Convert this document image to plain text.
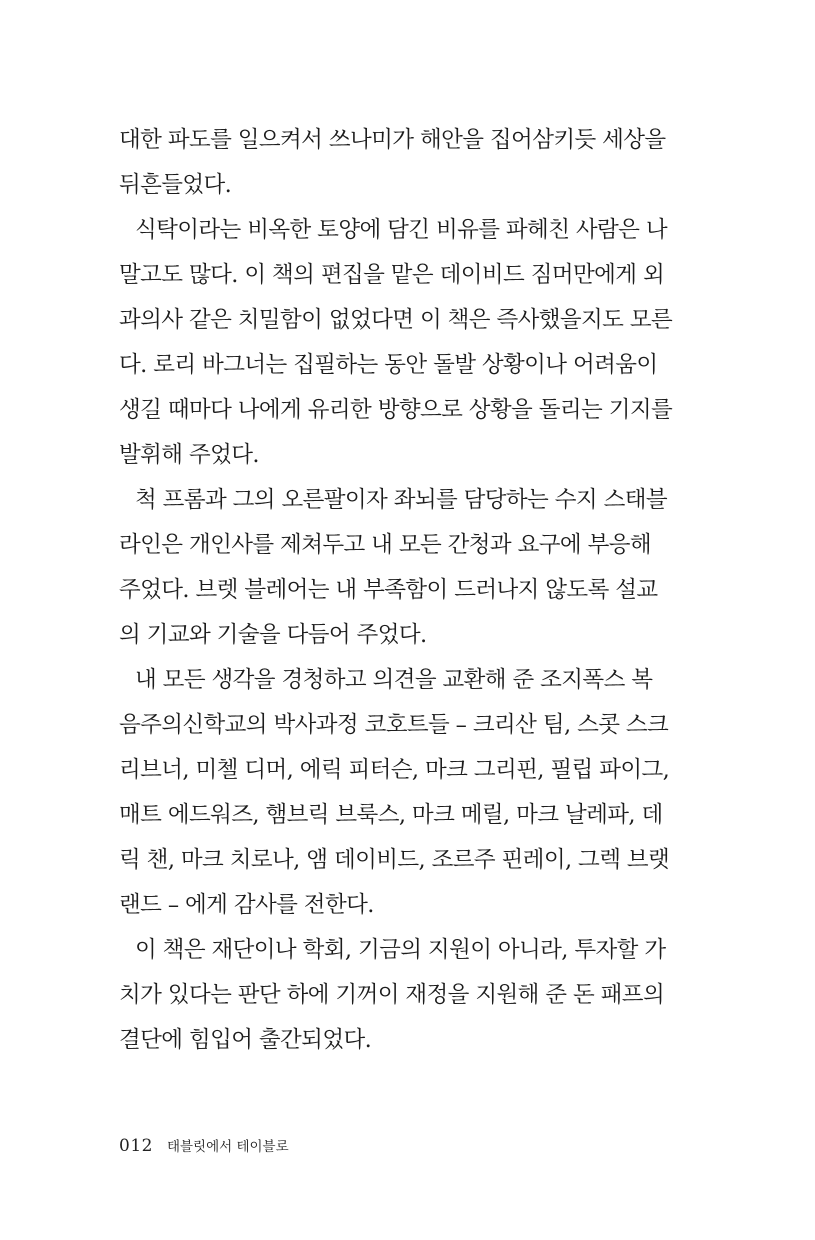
대한 파도를 일으켜서 쓰나미가 해안을 집어삼키듯 세상을
뒤흔들었다.
식탁이라는 비옥한 토양에 담긴 비유를 파헤친 사람은 나
말고도 많다. 이 책의 편집을 맡은 데이비드 짐머만에게 외
과의사 같은 치밀함이 없었다면 이 책은 즉사했을지도 모른
다. 로리 바그너는 집필하는 동안 돌발 상황이나 어려움이
생길 때마다 나에게 유리한 방향으로 상황을 돌리는 기지를
발휘해 주었다.
척 프롬과 그의 오른팔이자 좌뇌를 담당하는 수지 스태블
라인은 개인사를 제쳐두고 내 모든 간청과 요구에 부응해
주었다. 브렛 블레어는 내 부족함이 드러나지 않도록 설교
의 기교와 기술을 다듬어 주었다.
내 모든 생각을 경청하고 의견을 교환해 준 조지폭스 복
음주의신학교의 박사과정 코호트들 – 크리산 팀, 스콧 스크
리브너, 미첼 디머, 에릭 피터슨, 마크 그리핀, 필립 파이그,
매트 에드워즈, 햄브릭 브룩스, 마크 메릴, 마크 날레파, 데
릭 챈, 마크 치로나, 앰 데이비드, 조르주 핀레이, 그렉 브랫
랜드 – 에게 감사를 전한다.
이 책은 재단이나 학회, 기금의 지원이 아니라, 투자할 가
치가 있다는 판단 하에 기꺼이 재정을 지원해 준 돈 패프의
결단에 힘입어 출간되었다.
012 태블릿에서 테이블로
